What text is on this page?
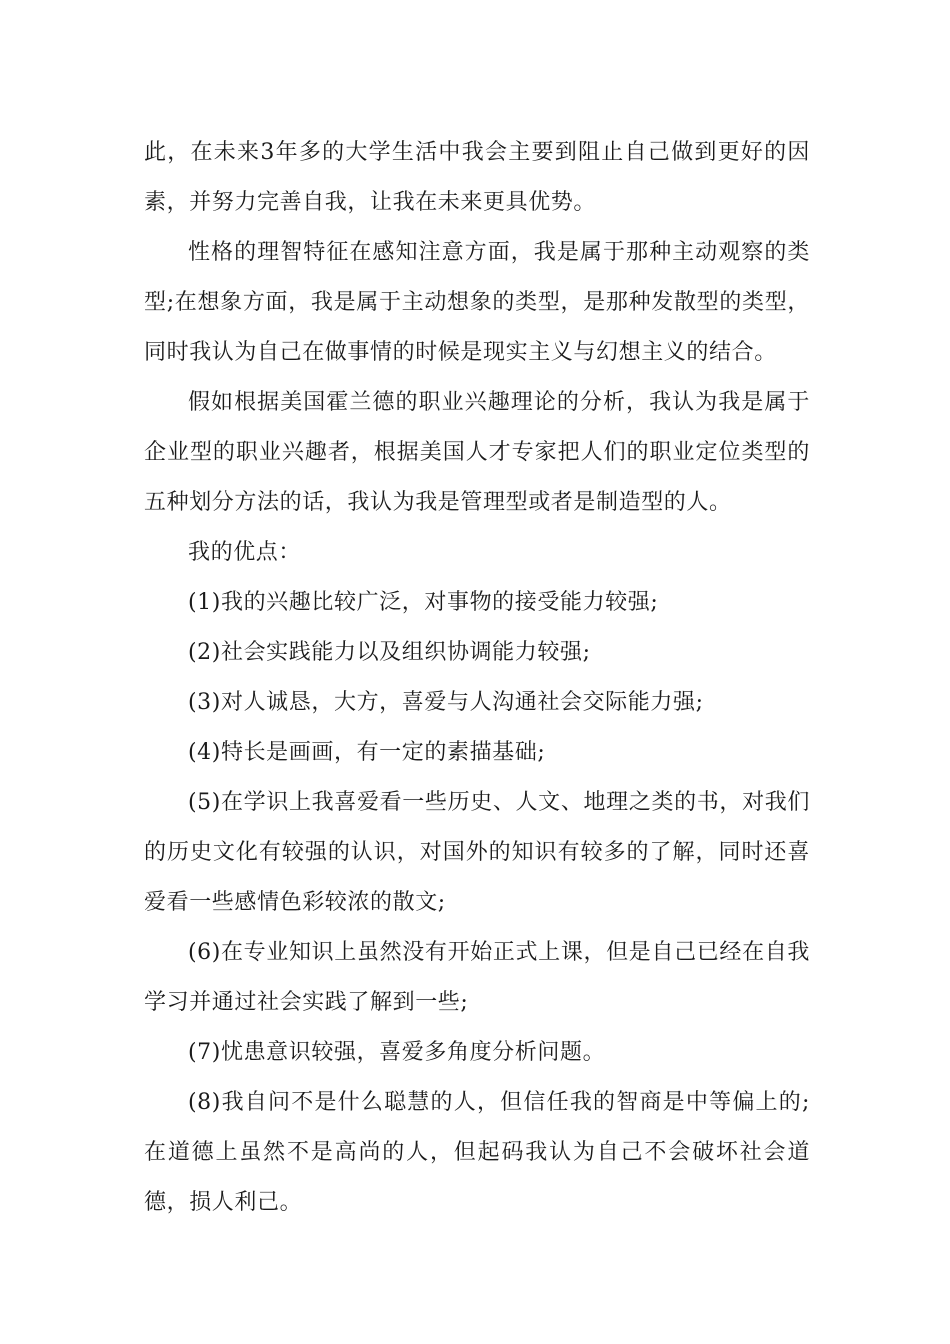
此，在未来3年多的大学生活中我会主要到阻止自己做到更好的因素，并努力完善自我，让我在未来更具优势。

性格的理智特征在感知注意方面，我是属于那种主动观察的类型;在想象方面，我是属于主动想象的类型，是那种发散型的类型，同时我认为自己在做事情的时候是现实主义与幻想主义的结合。

假如根据美国霍兰德的职业兴趣理论的分析，我认为我是属于企业型的职业兴趣者，根据美国人才专家把人们的职业定位类型的五种划分方法的话，我认为我是管理型或者是制造型的人。

我的优点：

(1)我的兴趣比较广泛，对事物的接受能力较强;

(2)社会实践能力以及组织协调能力较强;

(3)对人诚恳，大方，喜爱与人沟通社会交际能力强;

(4)特长是画画，有一定的素描基础;

(5)在学识上我喜爱看一些历史、人文、地理之类的书，对我们的历史文化有较强的认识，对国外的知识有较多的了解，同时还喜爱看一些感情色彩较浓的散文;

(6)在专业知识上虽然没有开始正式上课，但是自己已经在自我学习并通过社会实践了解到一些;

(7)忧患意识较强，喜爱多角度分析问题。

(8)我自问不是什么聪慧的人，但信任我的智商是中等偏上的;在道德上虽然不是高尚的人，但起码我认为自己不会破坏社会道德，损人利己。
